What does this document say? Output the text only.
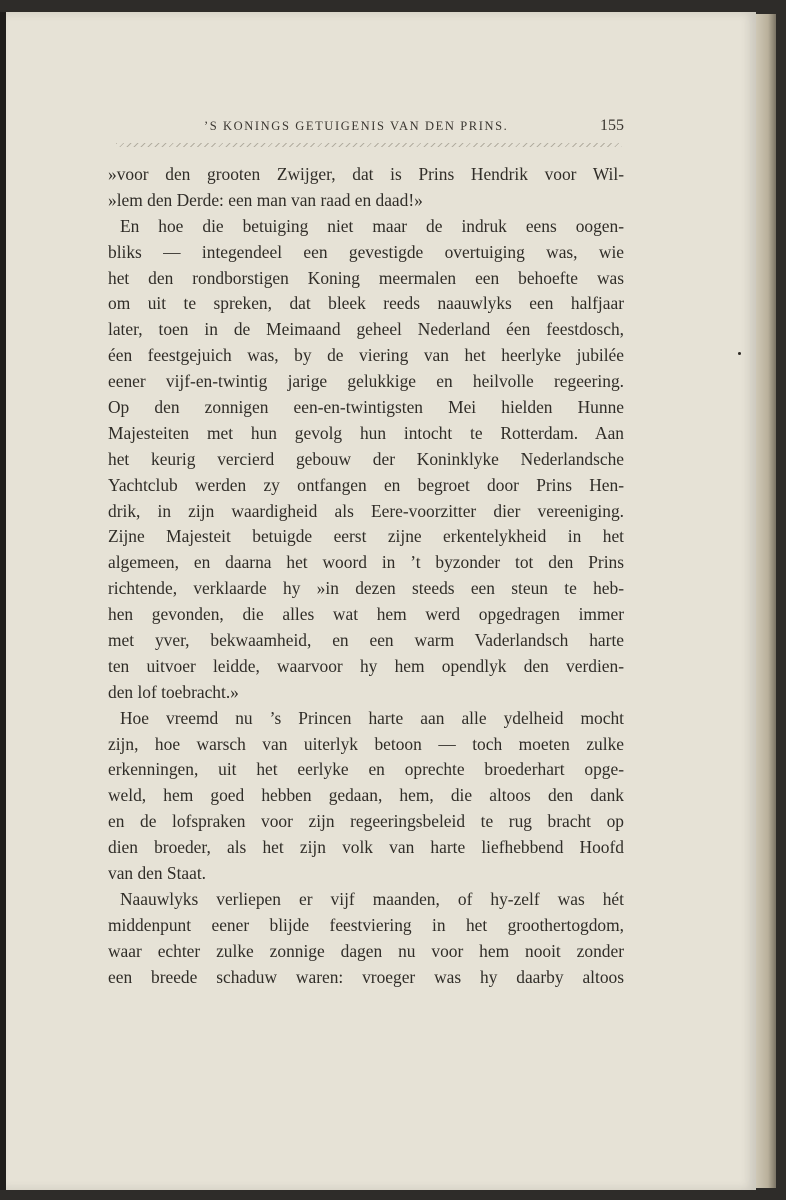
’S KONINGS GETUIGENIS VAN DEN PRINS.	155
»voor den grooten Zwijger, dat is Prins Hendrik voor Wil-
»lem den Derde: een man van raad en daad!»
En hoe die betuiging niet maar de indruk eens oogen-
bliks — integendeel een gevestigde overtuiging was, wie
het den rondborstigen Koning meermalen een behoefte was
om uit te spreken, dat bleek reeds naauwlyks een halfjaar
later, toen in de Meimaand geheel Nederland éen feestdosch,
éen feestgejuich was, by de viering van het heerlyke jubilée
eener vijf-en-twintig jarige gelukkige en heilvolle regeering.
Op den zonnigen een-en-twintigsten Mei hielden Hunne
Majesteiten met hun gevolg hun intocht te Rotterdam. Aan
het keurig vercierd gebouw der Koninklyke Nederlandsche
Yachtclub werden zy ontfangen en begroet door Prins Hen-
drik, in zijn waardigheid als Eere-voorzitter dier vereeniging.
Zijne Majesteit betuigde eerst zijne erkentelykheid in het
algemeen, en daarna het woord in ’t byzonder tot den Prins
richtende, verklaarde hy »in dezen steeds een steun te heb-
hen gevonden, die alles wat hem werd opgedragen immer
met yver, bekwaamheid, en een warm Vaderlandsch harte
ten uitvoer leidde, waarvoor hy hem opendlyk den verdien-
den lof toebracht.»
Hoe vreemd nu ’s Princen harte aan alle ydelheid mocht
zijn, hoe warsch van uiterlyk betoon — toch moeten zulke
erkenningen, uit het eerlyke en oprechte broederhart opge-
weld, hem goed hebben gedaan, hem, die altoos den dank
en de lofspraken voor zijn regeeringsbeleid te rug bracht op
dien broeder, als het zijn volk van harte liefhebbend Hoofd
van den Staat.
Naauwlyks verliepen er vijf maanden, of hy-zelf was hét
middenpunt eener blijde feestviering in het groothertogdom,
waar echter zulke zonnige dagen nu voor hem nooit zonder
een breede schaduw waren: vroeger was hy daarby altoos
